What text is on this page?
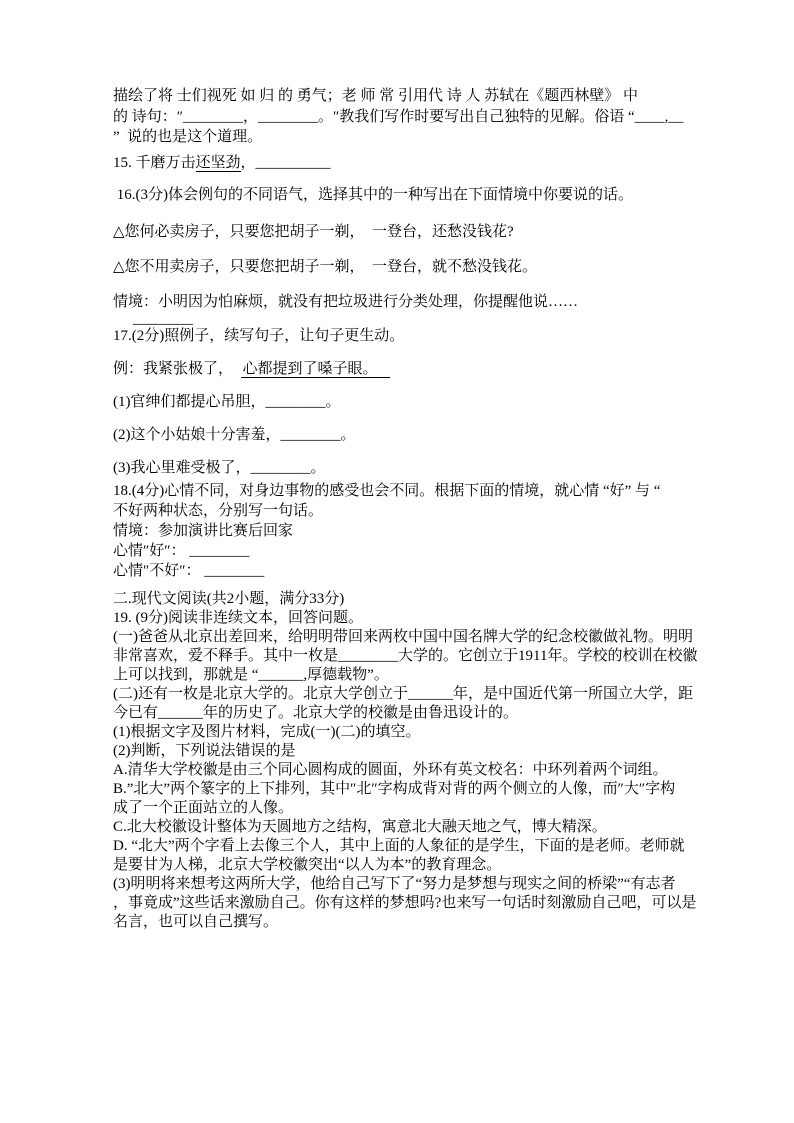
描绘了将 士们视死 如 归 的 勇气；老 师 常 引用代 诗 人 苏轼在《题西林壁》 中
的 诗句：″________，________。″教我们写作时要写出自己独特的见解。俗语 “____,__
”  说的也是这个道理。
15. 千磨万击还坚劲，__________
16.(3分)体会例句的不同语气，选择其中的一种写出在下面情境中你要说的话。
△您何必卖房子，只要您把胡子一剃，　一登台，还愁没钱花?
△您不用卖房子，只要您把胡子一剃，　一登台，就不愁没钱花。
情境：小明因为怕麻烦，就没有把垃圾进行分类处理，你提醒他说……
________
17.(2分)照例子，续写句子，让句子更生动。
例：我紧张极了，  心都提到了嗓子眼。
(1)官绅们都提心吊胆，________。
(2)这个小姑娘十分害羞，________。
(3)我心里难受极了，________。
18.(4分)心情不同，对身边事物的感受也会不同。根据下面的情境，就心情 “好” 与 “
不好两种状态，分别写一句话。
情境：参加演讲比赛后回家
心情″好″： ________
心情″不好″： ________
二.现代文阅读(共2小题，满分33分)
19. (9分)阅读非连续文本，回答问题。
(一)爸爸从北京出差回来，给明明带回来两枚中国中国名牌大学的纪念校徽做礼物。明明
非常喜欢，爱不释手。其中一枚是________大学的。它创立于1911年。学校的校训在校徽
上可以找到，那就是 “______,厚德载物”。
(二)还有一枚是北京大学的。北京大学创立于______年，是中国近代第一所国立大学，距
今已有______年的历史了。北京大学的校徽是由鲁迅设计的。
(1)根据文字及图片材料，完成(一)(二)的填空。
(2)判断，下列说法错误的是
A.清华大学校徽是由三个同心圆构成的圆面，外环有英文校名：中环列着两个词组。
B.”北大”两个篆字的上下排列，其中″北″字构成背对背的两个侧立的人像，而″大″字构
成了一个正面站立的人像。
C.北大校徽设计整体为天圆地方之结构，寓意北大融天地之气，博大精深。
D. “北大”两个字看上去像三个人，其中上面的人象征的是学生，下面的是老师。老师就
是要甘为人梯，北京大学校徽突出“以人为本”的教育理念。
(3)明明将来想考这两所大学，他给自己写下了“努力是梦想与现实之间的桥梁”“有志者
，事竟成”这些话来激励自己。你有这样的梦想吗?也来写一句话时刻激励自己吧，可以是
名言，也可以自己撰写。
